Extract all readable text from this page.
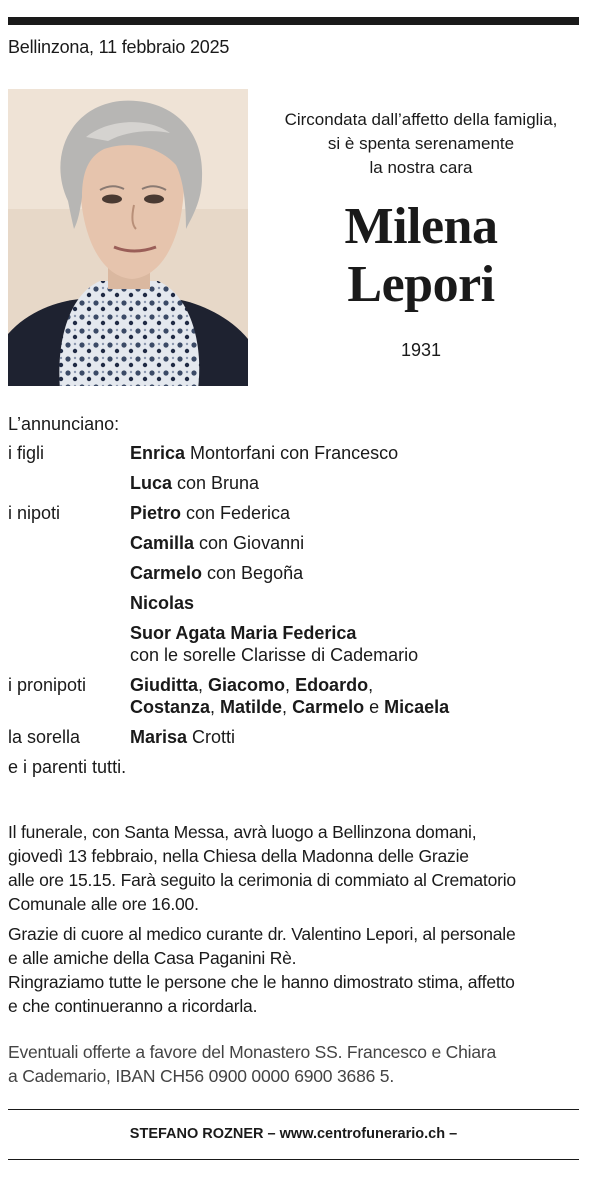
Bellinzona, 11 febbraio 2025
Circondata dall’affetto della famiglia,
si è spenta serenamente
la nostra cara
Milena
Lepori
1931
L’annunciano:
i figli	Enrica Montorfani con Francesco
Luca con Bruna
i nipoti	Pietro con Federica
Camilla con Giovanni
Carmelo con Begoña
Nicolas
Suor Agata Maria Federica
con le sorelle Clarisse di Cademario
i pronipoti Giuditta, Giacomo, Edoardo,
Costanza, Matilde, Carmelo e Micaela
la sorella	Marisa Crotti
e i parenti tutti.
Il funerale, con Santa Messa, avrà luogo a Bellinzona domani,
giovedì 13 febbraio, nella Chiesa della Madonna delle Grazie
alle ore 15.15. Farà seguito la cerimonia di commiato al Crematorio
Comunale alle ore 16.00.
Grazie di cuore al medico curante dr. Valentino Lepori, al personale
e alle amiche della Casa Paganini Rè.
Ringraziamo tutte le persone che le hanno dimostrato stima, affetto
e che continueranno a ricordarla.
Eventuali offerte a favore del Monastero SS. Francesco e Chiara
a Cademario, IBAN CH56 0900 0000 6900 3686 5.
STEFANO ROZNER – www.centrofunerario.ch –
